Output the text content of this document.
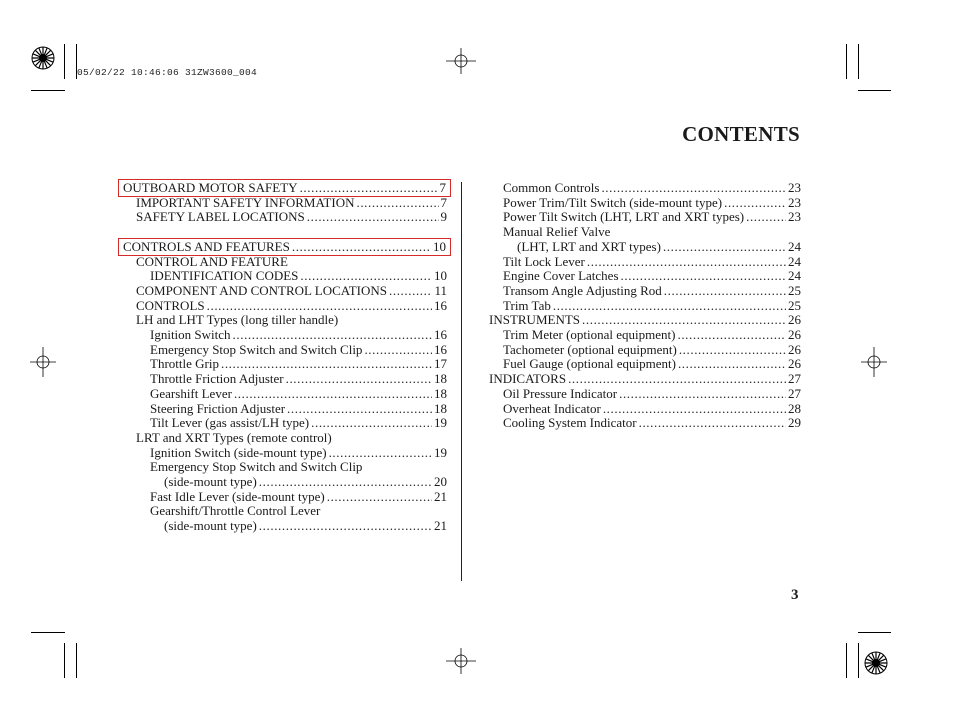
05/02/22 10:46:06 31ZW3600_004
CONTENTS
OUTBOARD MOTOR SAFETY .....	7
IMPORTANT SAFETY INFORMATION .....	7
SAFETY LABEL LOCATIONS .....	9
CONTROLS AND FEATURES .....	10
CONTROL AND FEATURE
IDENTIFICATION CODES .....	10
COMPONENT AND CONTROL LOCATIONS .....	11
CONTROLS .....	16
LH and LHT Types (long tiller handle)
Ignition Switch .....	16
Emergency Stop Switch and Switch Clip .....	16
Throttle Grip .....	17
Throttle Friction Adjuster .....	18
Gearshift Lever .....	18
Steering Friction Adjuster .....	18
Tilt Lever (gas assist/LH type) .....	19
LRT and XRT Types (remote control)
Ignition Switch (side-mount type) .....	19
Emergency Stop Switch and Switch Clip
(side-mount type) .....	20
Fast Idle Lever (side-mount type) .....	21
Gearshift/Throttle Control Lever
(side-mount type) .....	21
Common Controls .....	23
Power Trim/Tilt Switch (side-mount type) .....	23
Power Tilt Switch (LHT, LRT and XRT types) .....	23
Manual Relief Valve
(LHT, LRT and XRT types) .....	24
Tilt Lock Lever .....	24
Engine Cover Latches .....	24
Transom Angle Adjusting Rod .....	25
Trim Tab .....	25
INSTRUMENTS .....	26
Trim Meter (optional equipment) .....	26
Tachometer (optional equipment) .....	26
Fuel Gauge (optional equipment) .....	26
INDICATORS .....	27
Oil Pressure Indicator .....	27
Overheat Indicator .....	28
Cooling System Indicator .....	29
3
